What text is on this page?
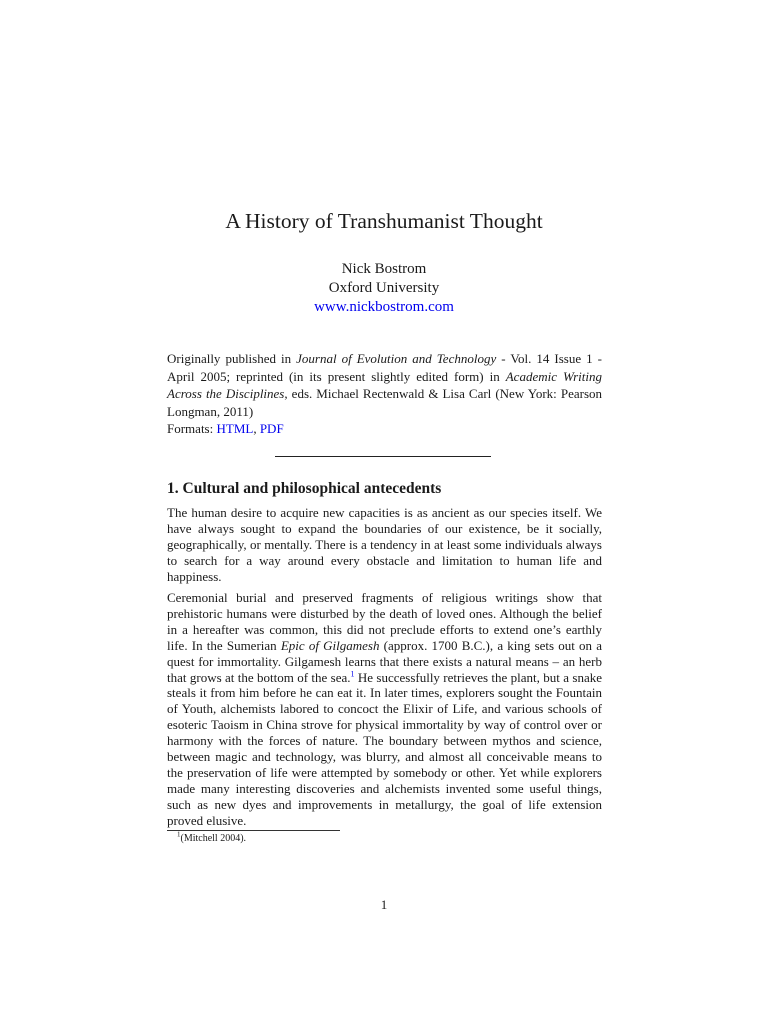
A History of Transhumanist Thought
Nick Bostrom
Oxford University
www.nickbostrom.com
Originally published in Journal of Evolution and Technology - Vol. 14 Issue 1 - April 2005; reprinted (in its present slightly edited form) in Academic Writing Across the Disciplines, eds. Michael Rectenwald & Lisa Carl (New York: Pearson Longman, 2011)
Formats: HTML, PDF
1. Cultural and philosophical antecedents

The human desire to acquire new capacities is as ancient as our species itself. We have always sought to expand the boundaries of our existence, be it socially, geographically, or mentally. There is a tendency in at least some individuals always to search for a way around every obstacle and limitation to human life and happiness.

Ceremonial burial and preserved fragments of religious writings show that prehistoric humans were disturbed by the death of loved ones. Although the belief in a hereafter was common, this did not preclude efforts to extend one’s earthly life. In the Sumerian Epic of Gilgamesh (approx. 1700 B.C.), a king sets out on a quest for immortality. Gilgamesh learns that there exists a natural means – an herb that grows at the bottom of the sea.$^1$ He successfully retrieves the plant, but a snake steals it from him before he can eat it. In later times, explorers sought the Fountain of Youth, alchemists labored to concoct the Elixir of Life, and various schools of esoteric Taoism in China strove for physical immortality by way of control over or harmony with the forces of nature. The boundary between mythos and science, between magic and technology, was blurry, and almost all conceivable means to the preservation of life were attempted by somebody or other. Yet while explorers made many interesting discoveries and alchemists invented some useful things, such as new dyes and improvements in metallurgy, the goal of life extension proved elusive.

$^1$(Mitchell 2004).
1
